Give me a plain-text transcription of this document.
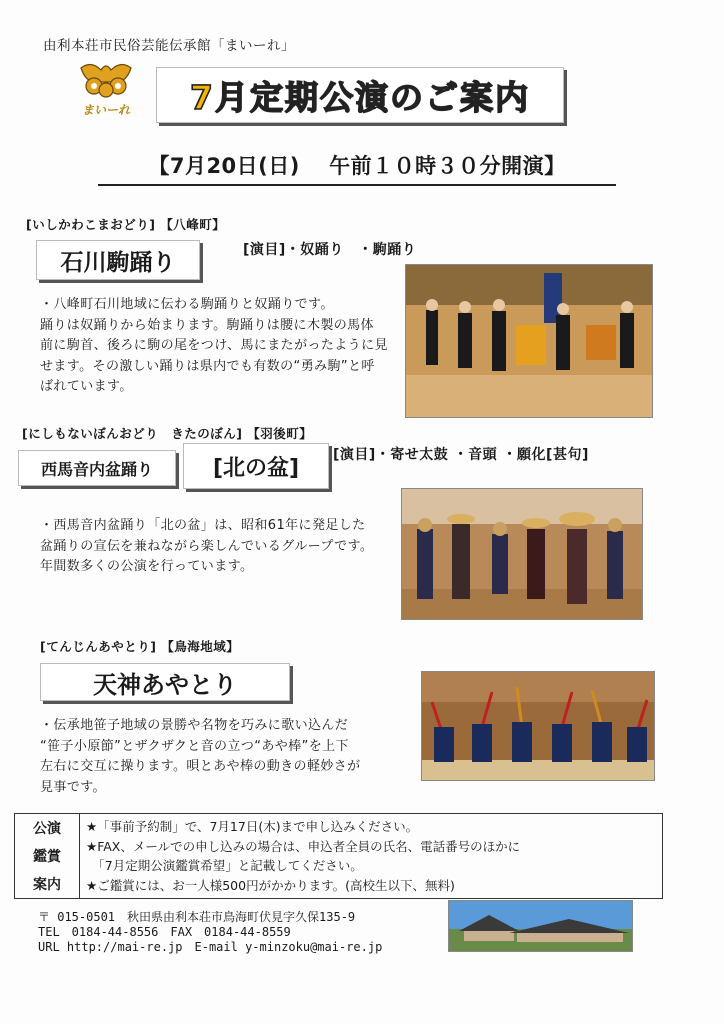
由利本荘市民俗芸能伝承館「まいーれ」
まいーれ 7月定期公演のご案内
【7月20日(日)　 午前１０時３０分開演】
[いしかわこまおどり] 【八峰町】
石川駒踊り	[演目]・奴踊り　・駒踊り
・八峰町石川地域に伝わる駒踊りと奴踊りです。
踊りは奴踊りから始まります。駒踊りは腰に木製の馬体
前に駒首、後ろに駒の尾をつけ、馬にまたがったように見
せます。その激しい踊りは県内でも有数の“勇み駒”と呼
ばれています。
[にしもないぼんおどり　きたのぼん] 【羽後町】
西馬音内盆踊り	[北の盆]
[演目]・寄せ太鼓 ・音頭 ・願化[甚句]
・西馬音内盆踊り「北の盆」は、昭和61年に発足した
盆踊りの宣伝を兼ねながら楽しんでいるグループです。
年間数多くの公演を行っています。
[てんじんあやとり] 【鳥海地域】
天神あやとり
・伝承地笹子地域の景勝や名物を巧みに歌い込んだ
“笹子小原節”とザクザクと音の立つ“あや棒”を上下
左右に交互に操ります。唄とあや棒の動きの軽妙さが
見事です。
公演
鑑賞
案内
★「事前予約制」で、7月17日(木)まで申し込みください。
★FAX、メールでの申し込みの場合は、申込者全員の氏名、電話番号のほかに
　「7月定期公演鑑賞希望」と記載してください。
★ご鑑賞には、お一人様500円がかかります。(高校生以下、無料)
〒 015-0501　秋田県由利本荘市鳥海町伏見字久保135-9
TEL　0184-44-8556　FAX　0184-44-8559
URL http://mai-re.jp　E-mail y-minzoku@mai-re.jp
